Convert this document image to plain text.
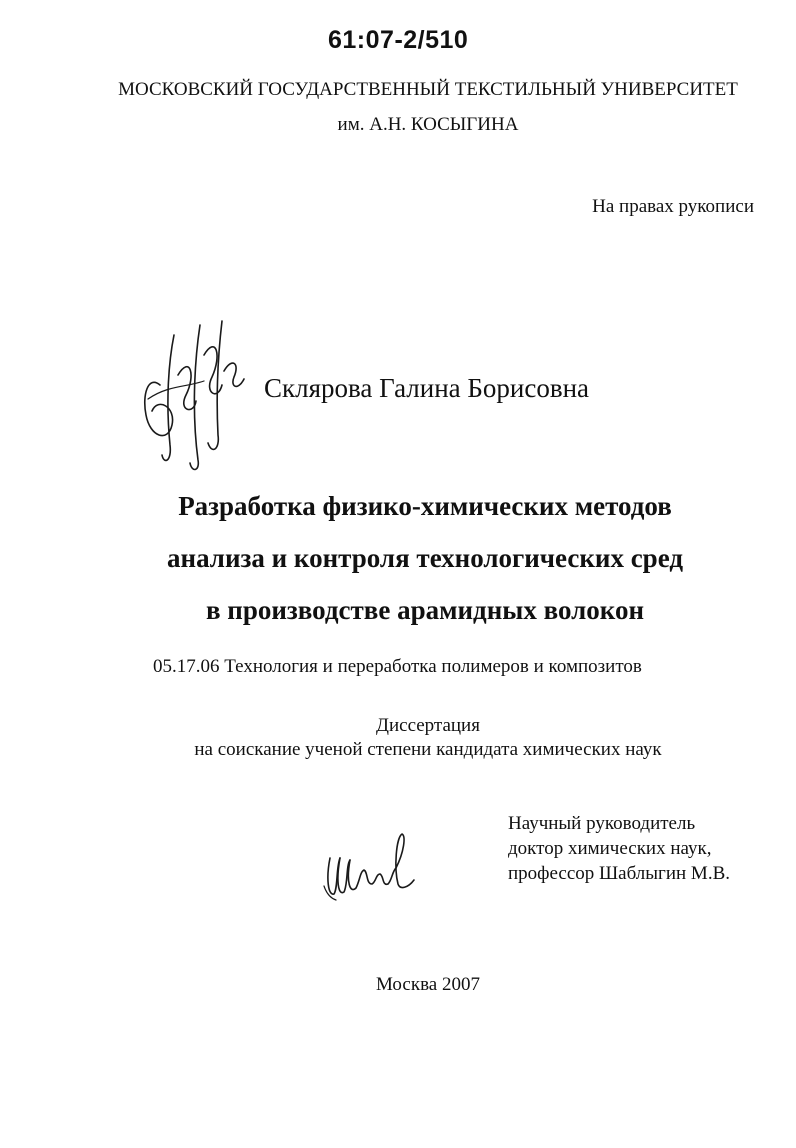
61:07-2/510
МОСКОВСКИЙ ГОСУДАРСТВЕННЫЙ ТЕКСТИЛЬНЫЙ УНИВЕРСИТЕТ
им. А.Н. КОСЫГИНА
На правах рукописи
Склярова Галина Борисовна
Разработка физико-химических методов
анализа и контроля технологических сред
в производстве арамидных волокон
05.17.06 Технология и переработка полимеров и композитов
Диссертация
на соискание ученой степени кандидата химических наук
Научный руководитель
доктор химических наук,
профессор Шаблыгин М.В.
Москва 2007
